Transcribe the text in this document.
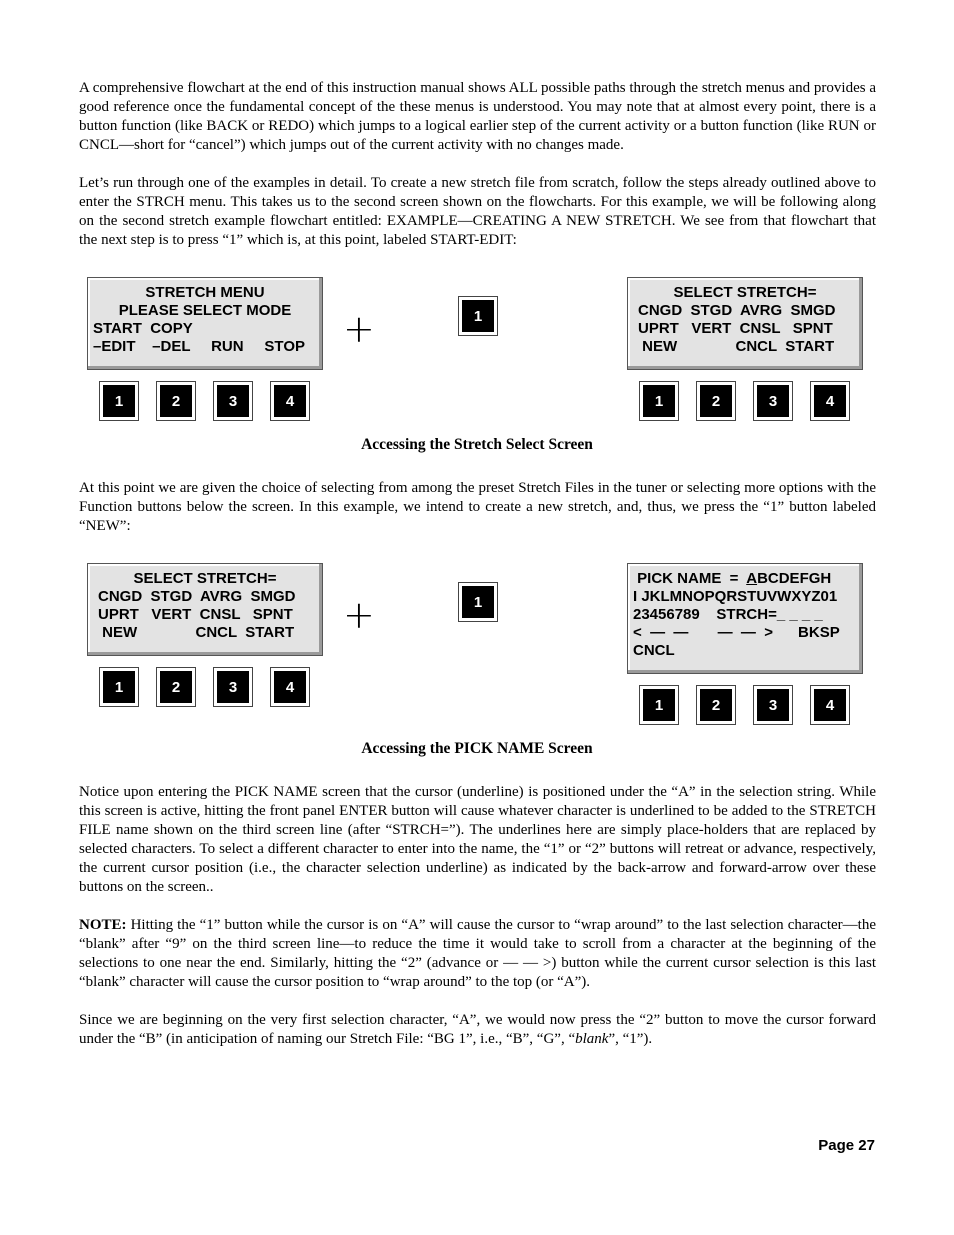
A comprehensive flowchart at the end of this instruction manual shows ALL possible paths through the stretch menus and provides a good reference once the fundamental concept of the these menus is understood. You may note that at almost every point, there is a button function (like BACK or REDO) which jumps to a logical earlier step of the current activity or a button function (like RUN or CNCL—short for “cancel”) which jumps out of the current activity with no changes made.

Let’s run through one of the examples in detail. To create a new stretch file from scratch, follow the steps already outlined above to enter the STRCH menu. This takes us to the second screen shown on the flowcharts. For this example, we will be following along on the second stretch example flowchart entitled: EXAMPLE—CREATING A NEW STRETCH. We see from that flowchart that the next step is to press “1” which is, at this point, labeled START-EDIT:

STRETCH MENU
PLEASE SELECT MODE
START  COPY
–EDIT    –DEL     RUN     STOP
1	2	3	4
+	1
SELECT STRETCH=
CNGD  STGD  AVRG  SMGD
UPRT   VERT  CNSL   SPNT
NEW              CNCL  START
1	2	3	4
Accessing the Stretch Select Screen

At this point we are given the choice of selecting from among the preset Stretch Files in the tuner or selecting more options with the Function buttons below the screen. In this example, we intend to create a new stretch, and, thus, we press the “1” button labeled “NEW”:

SELECT STRETCH=
CNGD  STGD  AVRG  SMGD
UPRT   VERT  CNSL   SPNT
NEW              CNCL  START
1	2	3	4
+	1
PICK NAME  =  ABCDEFGH
I JKLMNOPQRSTUVWXYZ01
23456789    STRCH=_ _ _ _
<  —  —       —  —  >      BKSP
CNCL
1	2	3	4
Accessing the PICK NAME Screen

Notice upon entering the PICK NAME screen that the cursor (underline) is positioned under the “A” in the selection string. While this screen is active, hitting the front panel ENTER button will cause whatever character is underlined to be added to the STRETCH FILE name shown on the third screen line (after “STRCH=”). The underlines here are simply place-holders that are replaced by selected characters. To select a different character to enter into the name, the “1” or “2” buttons will retreat or advance, respectively, the current cursor position (i.e., the character selection underline) as indicated by the back-arrow and forward-arrow over these buttons on the screen..

NOTE: Hitting the “1” button while the cursor is on “A” will cause the cursor to “wrap around” to the last selection character—the “blank” after “9” on the third screen line—to reduce the time it would take to scroll from a character at the beginning of the selections to one near the end. Similarly, hitting the “2” (advance or — — >) button while the current cursor selection is this last “blank” character will cause the cursor position to “wrap around” to the top (or “A”).

Since we are beginning on the very first selection character, “A”, we would now press the “2” button to move the cursor forward under the “B” (in anticipation of naming our Stretch File: “BG 1”, i.e., “B”, “G”, “blank”, “1”).

Page 27
